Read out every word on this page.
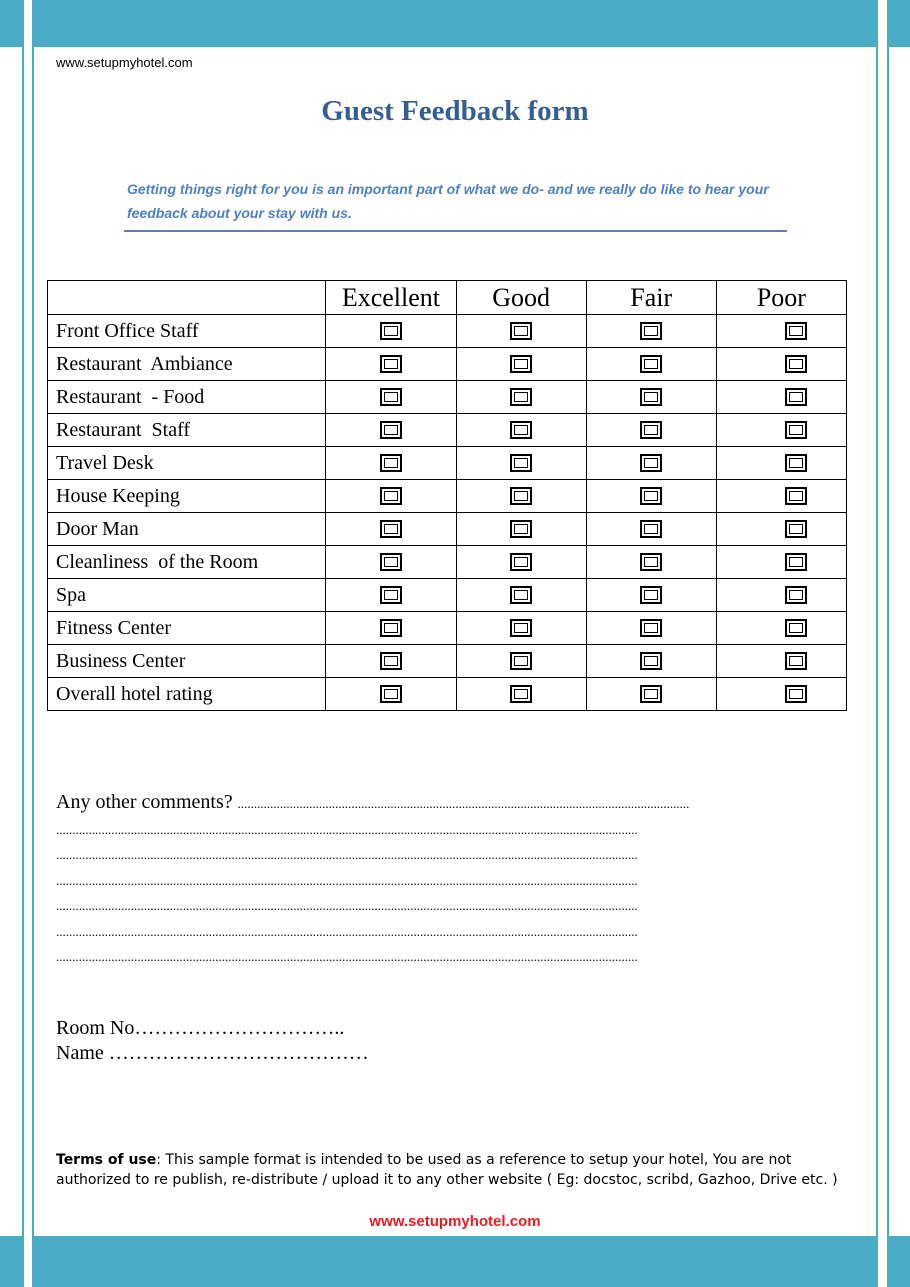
www.setupmyhotel.com
Guest Feedback form
Getting things right for you is an important part of what we do- and we really do like to hear your feedback about your stay with us.
	Excellent	Good	Fair	Poor
Front Office Staff				
Restaurant  Ambiance				
Restaurant  - Food				
Restaurant  Staff				
Travel Desk				
House Keeping				
Door Man				
Cleanliness  of the Room				
Spa				
Fitness Center				
Business Center				
Overall hotel rating				
Any other comments? ...........................................................................................................................................
...................................................................................................................................................................................
...................................................................................................................................................................................
...................................................................................................................................................................................
...................................................................................................................................................................................
...................................................................................................................................................................................
...................................................................................................................................................................................
Room No…………………………..
Name …………………………………
Terms of use: This sample format is intended to be used as a reference to setup your hotel, You are not authorized to re publish, re-distribute / upload it to any other website ( Eg: docstoc, scribd, Gazhoo, Drive etc. )
www.setupmyhotel.com
